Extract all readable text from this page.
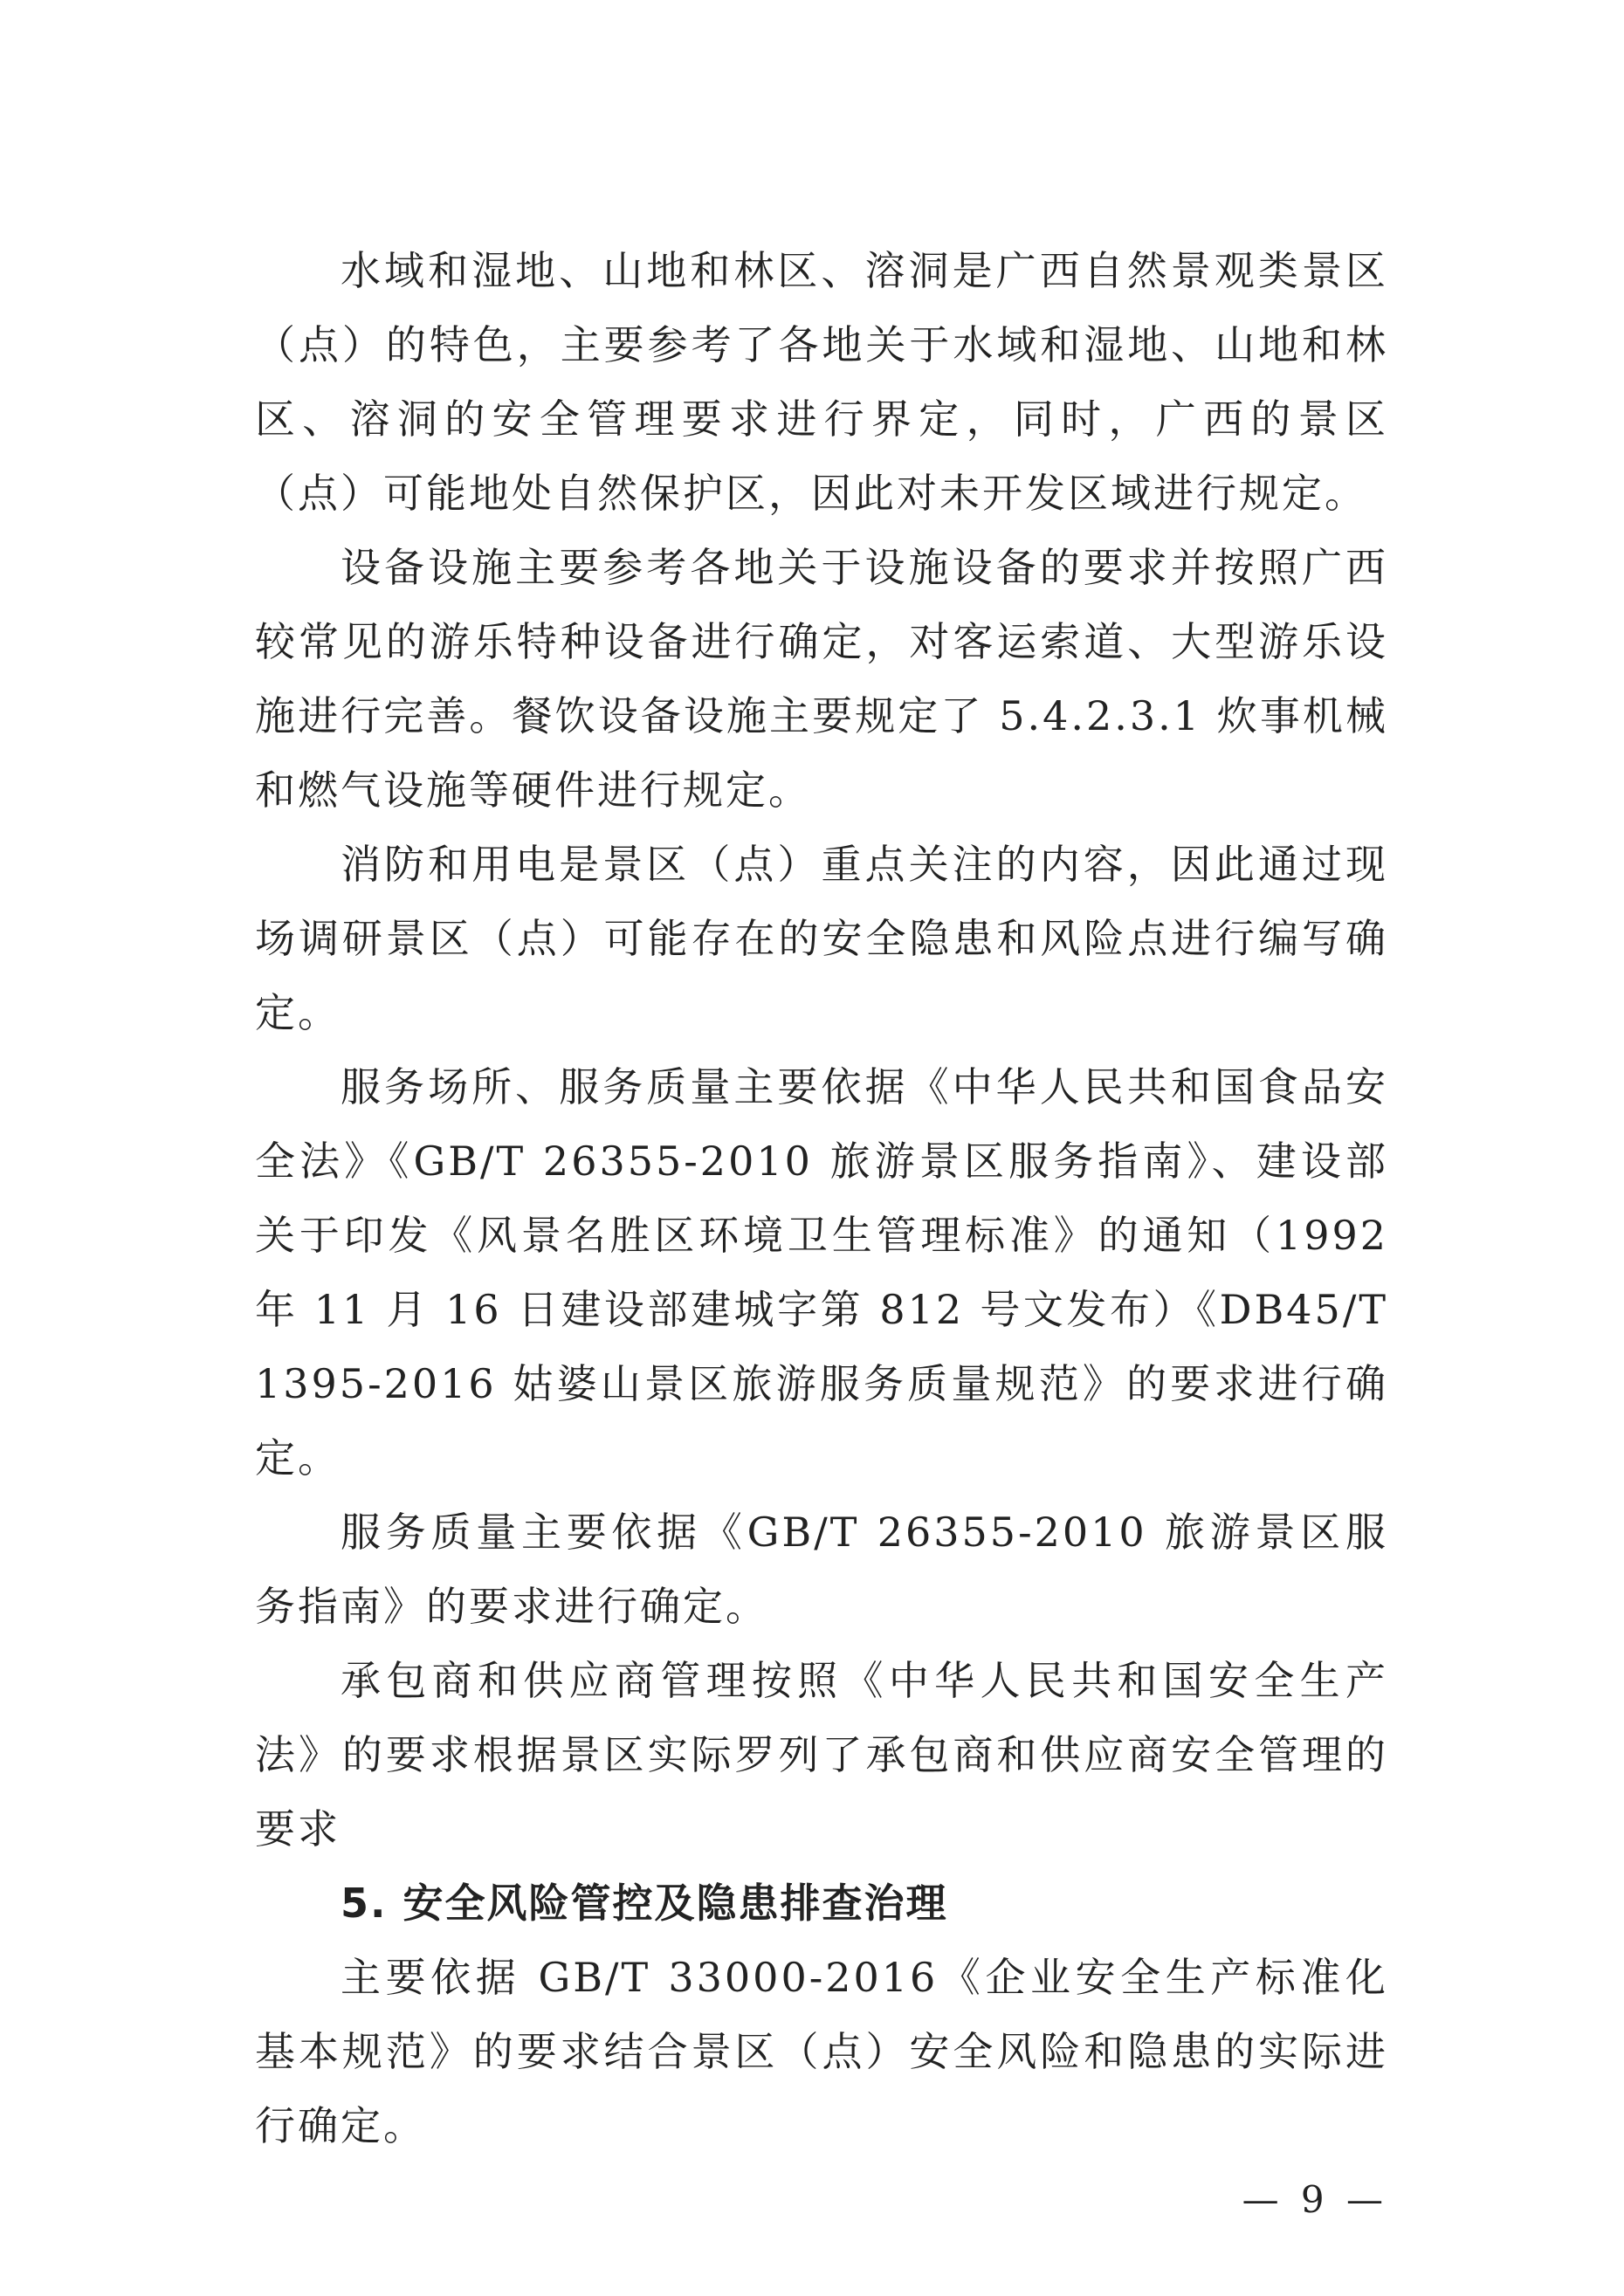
水域和湿地、山地和林区、溶洞是广西自然景观类景区（点）的特色，主要参考了各地关于水域和湿地、山地和林区、溶洞的安全管理要求进行界定，同时，广西的景区（点）可能地处自然保护区，因此对未开发区域进行规定。

设备设施主要参考各地关于设施设备的要求并按照广西较常见的游乐特种设备进行确定，对客运索道、大型游乐设施进行完善。餐饮设备设施主要规定了 5.4.2.3.1 炊事机械和燃气设施等硬件进行规定。

消防和用电是景区（点）重点关注的内容，因此通过现场调研景区（点）可能存在的安全隐患和风险点进行编写确定。

服务场所、服务质量主要依据《中华人民共和国食品安全法》《GB/T 26355-2010 旅游景区服务指南》、建设部关于印发《风景名胜区环境卫生管理标准》的通知（1992 年 11 月 16 日建设部建城字第 812 号文发布）《DB45/T 1395-2016 姑婆山景区旅游服务质量规范》的要求进行确定。

服务质量主要依据《GB/T 26355-2010 旅游景区服务指南》的要求进行确定。

承包商和供应商管理按照《中华人民共和国安全生产法》的要求根据景区实际罗列了承包商和供应商安全管理的要求

5. 安全风险管控及隐患排查治理

主要依据 GB/T 33000-2016《企业安全生产标准化基本规范》的要求结合景区（点）安全风险和隐患的实际进行确定。

— 9 —
